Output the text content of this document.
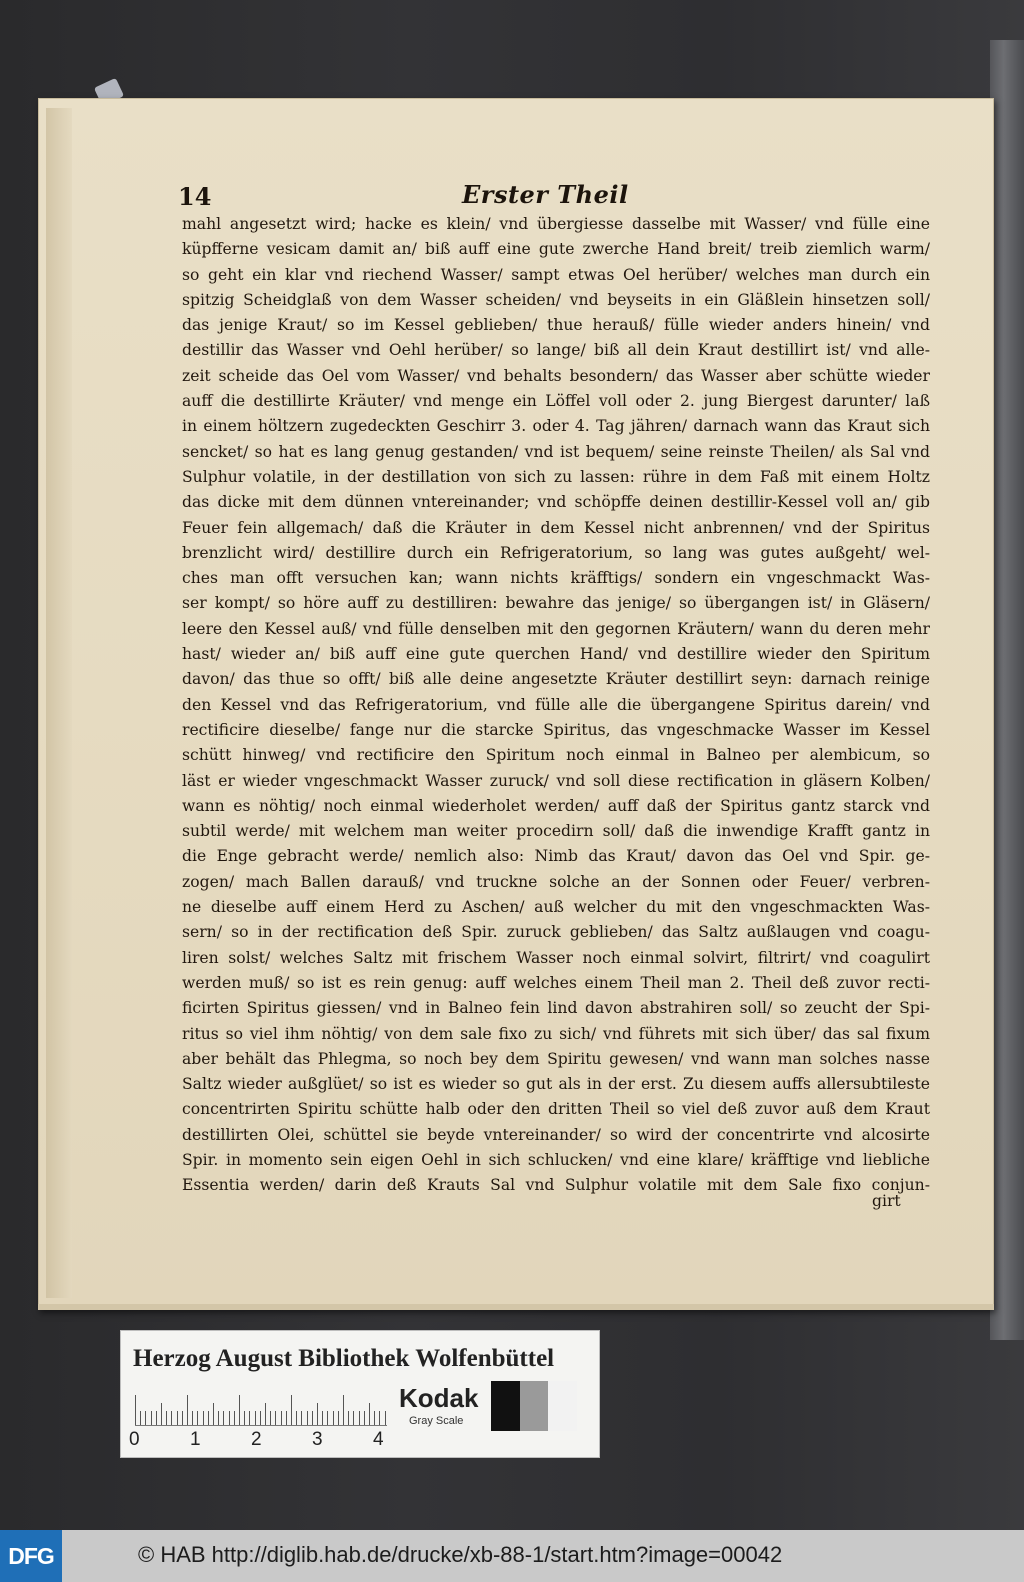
14	Erster Theil
mahl angesetzt wird; hacke es klein/ vnd übergiesse dasselbe mit Wasser/ vnd fülle eine
küpfferne vesicam damit an/ biß auff eine gute zwerche Hand breit/ treib ziemlich warm/
so geht ein klar vnd riechend Wasser/ sampt etwas Oel herüber/ welches man durch ein
spitzig Scheidglaß von dem Wasser scheiden/ vnd beyseits in ein Gläßlein hinsetzen soll/
das jenige Kraut/ so im Kessel geblieben/ thue herauß/ fülle wieder anders hinein/ vnd
destillir das Wasser vnd Oehl herüber/ so lange/ biß all dein Kraut destillirt ist/ vnd alle-
zeit scheide das Oel vom Wasser/ vnd behalts besondern/ das Wasser aber schütte wieder
auff die destillirte Kräuter/ vnd menge ein Löffel voll oder 2. jung Biergest darunter/ laß
in einem höltzern zugedeckten Geschirr 3. oder 4. Tag jähren/ darnach wann das Kraut sich
sencket/ so hat es lang genug gestanden/ vnd ist bequem/ seine reinste Theilen/ als Sal vnd
Sulphur volatile, in der destillation von sich zu lassen: rühre in dem Faß mit einem Holtz
das dicke mit dem dünnen vntereinander; vnd schöpffe deinen destillir-Kessel voll an/ gib
Feuer fein allgemach/ daß die Kräuter in dem Kessel nicht anbrennen/ vnd der Spiritus
brenzlicht wird/ destillire durch ein Refrigeratorium, so lang was gutes außgeht/ wel-
ches man offt versuchen kan; wann nichts kräfftigs/ sondern ein vngeschmackt Was-
ser kompt/ so höre auff zu destilliren: bewahre das jenige/ so übergangen ist/ in Gläsern/
leere den Kessel auß/ vnd fülle denselben mit den gegornen Kräutern/ wann du deren mehr
hast/ wieder an/ biß auff eine gute querchen Hand/ vnd destillire wieder den Spiritum
davon/ das thue so offt/ biß alle deine angesetzte Kräuter destillirt seyn: darnach reinige
den Kessel vnd das Refrigeratorium, vnd fülle alle die übergangene Spiritus darein/ vnd
rectificire dieselbe/ fange nur die starcke Spiritus, das vngeschmacke Wasser im Kessel
schütt hinweg/ vnd rectificire den Spiritum noch einmal in Balneo per alembicum, so
läst er wieder vngeschmackt Wasser zuruck/ vnd soll diese rectification in gläsern Kolben/
wann es nöhtig/ noch einmal wiederholet werden/ auff daß der Spiritus gantz starck vnd
subtil werde/ mit welchem man weiter procedirn soll/ daß die inwendige Krafft gantz in
die Enge gebracht werde/ nemlich also: Nimb das Kraut/ davon das Oel vnd Spir. ge-
zogen/ mach Ballen darauß/ vnd truckne solche an der Sonnen oder Feuer/ verbren-
ne dieselbe auff einem Herd zu Aschen/ auß welcher du mit den vngeschmackten Was-
sern/ so in der rectification deß Spir. zuruck geblieben/ das Saltz außlaugen vnd coagu-
liren solst/ welches Saltz mit frischem Wasser noch einmal solvirt, filtrirt/ vnd coagulirt
werden muß/ so ist es rein genug: auff welches einem Theil man 2. Theil deß zuvor recti-
ficirten Spiritus giessen/ vnd in Balneo fein lind davon abstrahiren soll/ so zeucht der Spi-
ritus so viel ihm nöhtig/ von dem sale fixo zu sich/ vnd führets mit sich über/ das sal fixum
aber behält das Phlegma, so noch bey dem Spiritu gewesen/ vnd wann man solches nasse
Saltz wieder außglüet/ so ist es wieder so gut als in der erst. Zu diesem auffs allersubtileste
concentrirten Spiritu schütte halb oder den dritten Theil so viel deß zuvor auß dem Kraut
destillirten Olei, schüttel sie beyde vntereinander/ so wird der concentrirte vnd alcosirte
Spir. in momento sein eigen Oehl in sich schlucken/ vnd eine klare/ kräfftige vnd liebliche
Essentia werden/ darin deß Krauts Sal vnd Sulphur volatile mit dem Sale fixo conjun-
girt
Herzog August Bibliothek Wolfenbüttel
0	1	2	3	4
Kodak
Gray Scale
DFG	© HAB http://diglib.hab.de/drucke/xb-88-1/start.htm?image=00042
